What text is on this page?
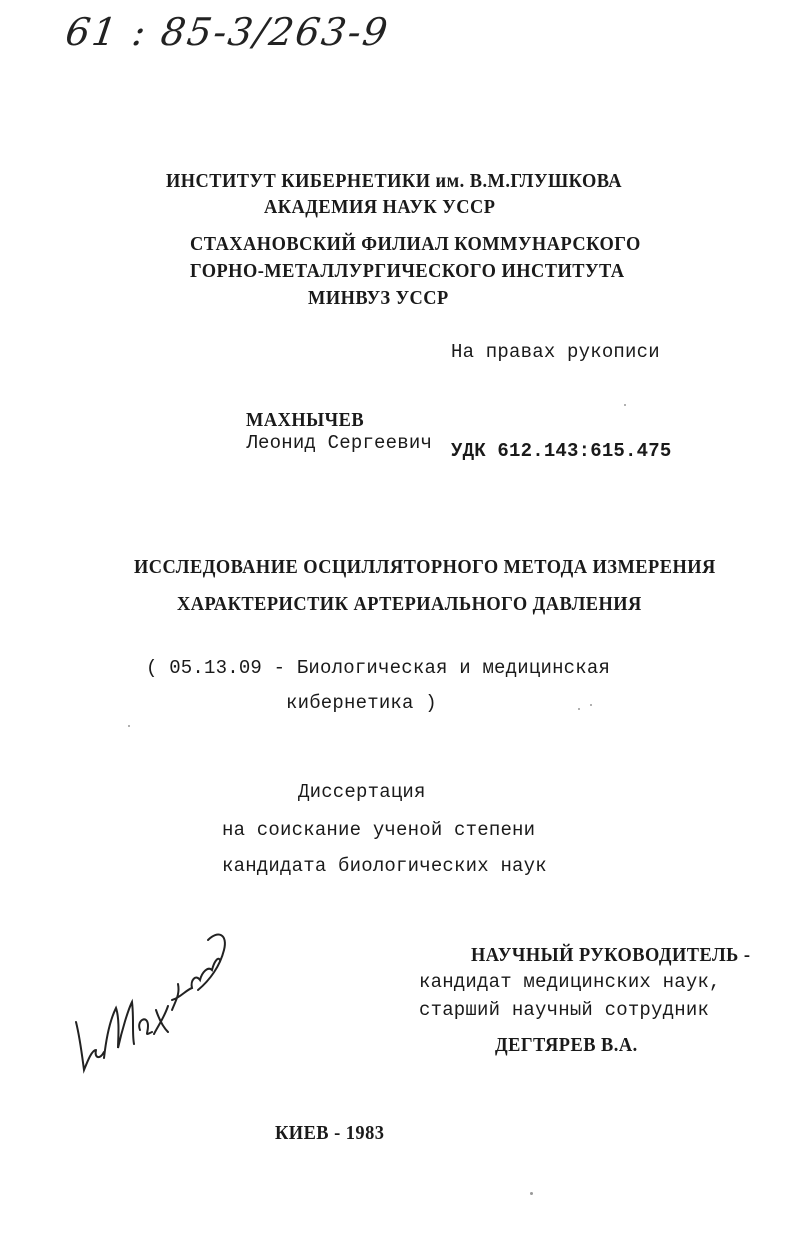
61 : 85-3/263-9
ИНСТИТУТ КИБЕРНЕТИКИ им. В.М.ГЛУШКОВА
АКАДЕМИЯ НАУК УССР
СТАХАНОВСКИЙ ФИЛИАЛ КОММУНАРСКОГО
ГОРНО-МЕТАЛЛУРГИЧЕСКОГО ИНСТИТУТА
МИНВУЗ УССР
На правах рукописи

МАХНЫЧЕВ
Леонид Сергеевич
УДК 612.143:615.475
ИССЛЕДОВАНИЕ ОСЦИЛЛЯТОРНОГО МЕТОДА ИЗМЕРЕНИЯ
ХАРАКТЕРИСТИК АРТЕРИАЛЬНОГО ДАВЛЕНИЯ
( 05.13.09 - Биологическая и медицинская
кибернетика )
Диссертация
на соискание ученой степени
кандидата биологических наук
НАУЧНЫЙ РУКОВОДИТЕЛЬ -
кандидат медицинских наук,
старший научный сотрудник
ДЕГТЯРЕВ В.А.
КИЕВ - 1983
